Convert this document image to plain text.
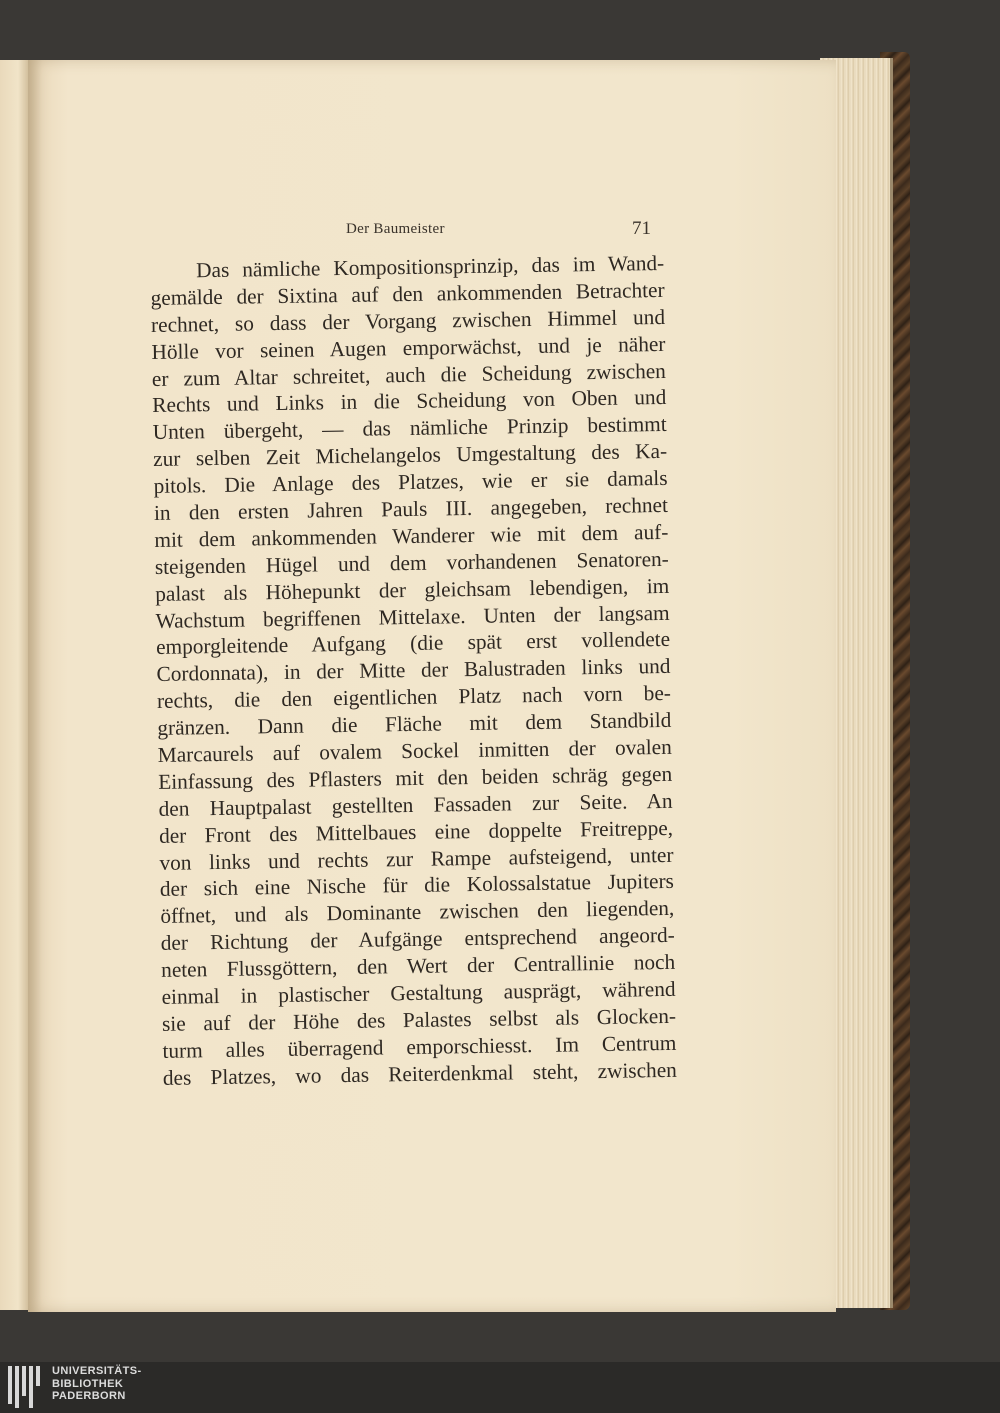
Der Baumeister	71
Das nämliche Kompositionsprinzip, das im Wand-
gemälde der Sixtina auf den ankommenden Betrachter
rechnet, so dass der Vorgang zwischen Himmel und
Hölle vor seinen Augen emporwächst, und je näher
er zum Altar schreitet, auch die Scheidung zwischen
Rechts und Links in die Scheidung von Oben und
Unten übergeht, — das nämliche Prinzip bestimmt
zur selben Zeit Michelangelos Umgestaltung des Ka-
pitols. Die Anlage des Platzes, wie er sie damals
in den ersten Jahren Pauls III. angegeben, rechnet
mit dem ankommenden Wanderer wie mit dem auf-
steigenden Hügel und dem vorhandenen Senatoren-
palast als Höhepunkt der gleichsam lebendigen, im
Wachstum begriffenen Mittelaxe. Unten der langsam
emporgleitende Aufgang (die spät erst vollendete
Cordonnata), in der Mitte der Balustraden links und
rechts, die den eigentlichen Platz nach vorn be-
gränzen. Dann die Fläche mit dem Standbild
Marcaurels auf ovalem Sockel inmitten der ovalen
Einfassung des Pflasters mit den beiden schräg gegen
den Hauptpalast gestellten Fassaden zur Seite. An
der Front des Mittelbaues eine doppelte Freitreppe,
von links und rechts zur Rampe aufsteigend, unter
der sich eine Nische für die Kolossalstatue Jupiters
öffnet, und als Dominante zwischen den liegenden,
der Richtung der Aufgänge entsprechend angeord-
neten Flussgöttern, den Wert der Centrallinie noch
einmal in plastischer Gestaltung ausprägt, während
sie auf der Höhe des Palastes selbst als Glocken-
turm alles überragend emporschiesst. Im Centrum
des Platzes, wo das Reiterdenkmal steht, zwischen
UNIVERSITÄTS-
BIBLIOTHEK
PADERBORN
